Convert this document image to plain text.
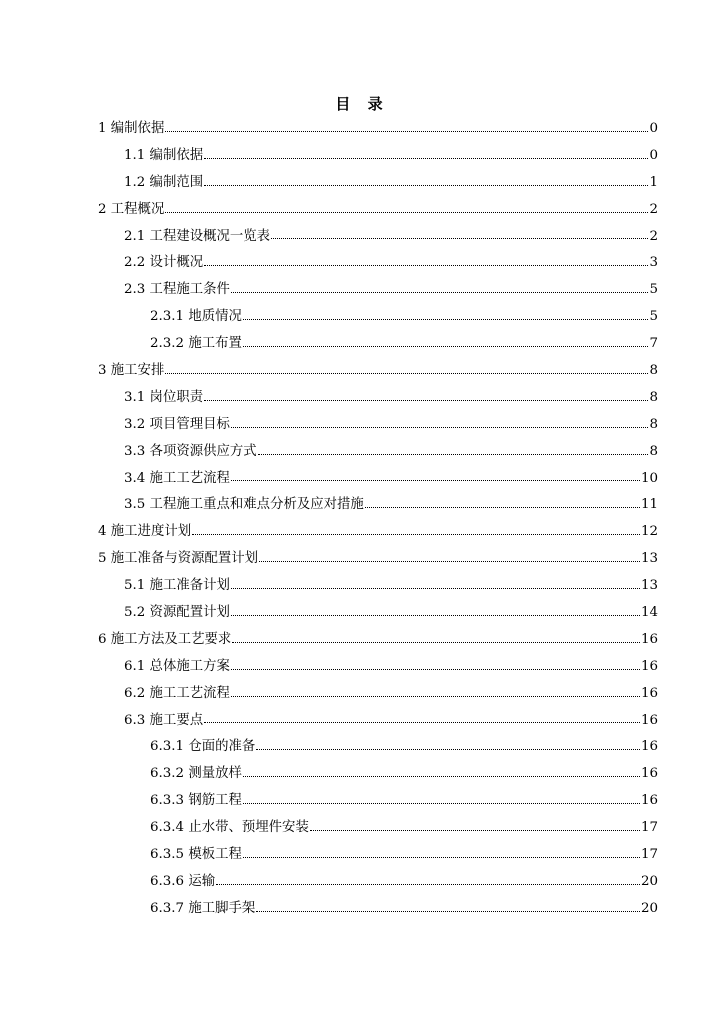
目 录
1 编制依据	0
1.1 编制依据	0
1.2 编制范围	1
2 工程概况	2
2.1 工程建设概况一览表	2
2.2 设计概况	3
2.3 工程施工条件	5
2.3.1 地质情况	5
2.3.2 施工布置	7
3 施工安排	8
3.1 岗位职责	8
3.2 项目管理目标	8
3.3 各项资源供应方式	8
3.4 施工工艺流程	10
3.5 工程施工重点和难点分析及应对措施	11
4 施工进度计划	12
5 施工准备与资源配置计划	13
5.1 施工准备计划	13
5.2 资源配置计划	14
6 施工方法及工艺要求	16
6.1 总体施工方案	16
6.2 施工工艺流程	16
6.3 施工要点	16
6.3.1 仓面的准备	16
6.3.2 测量放样	16
6.3.3 钢筋工程	16
6.3.4 止水带、预埋件安装	17
6.3.5 模板工程	17
6.3.6 运输	20
6.3.7 施工脚手架	20
